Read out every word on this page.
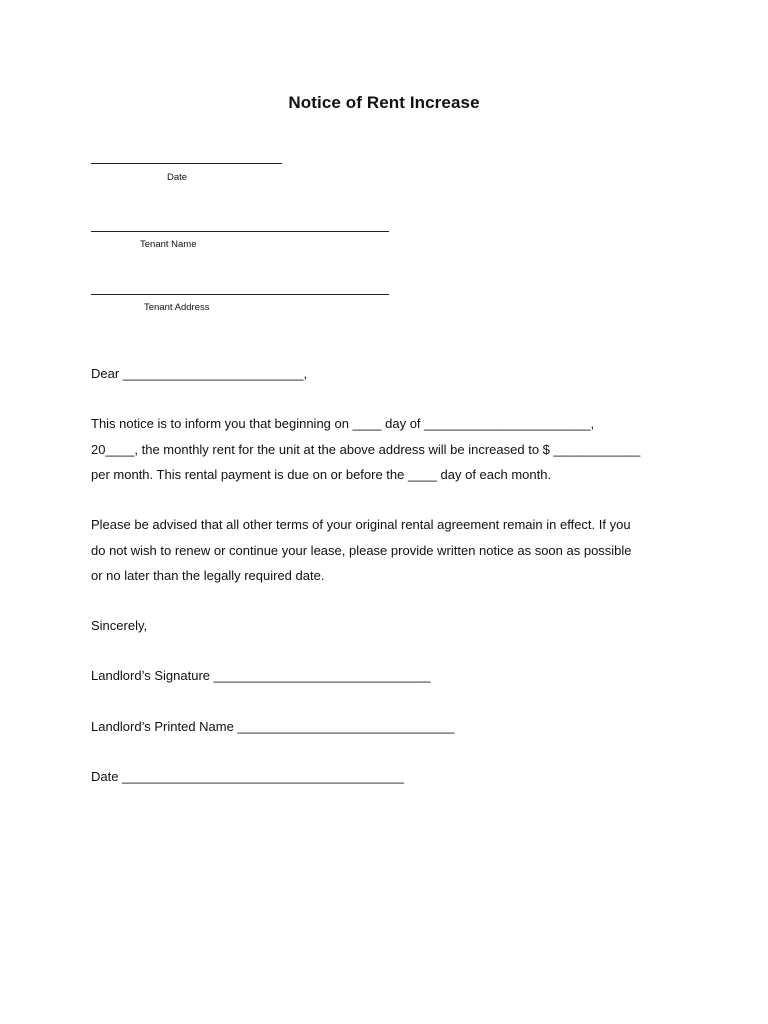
Notice of Rent Increase
Date
Tenant Name
Tenant Address
Dear _________________________,
This notice is to inform you that beginning on ____ day of _______________________,
20____, the monthly rent for the unit at the above address will be increased to $ ____________
per month. This rental payment is due on or before the ____ day of each month.
Please be advised that all other terms of your original rental agreement remain in effect. If you
do not wish to renew or continue your lease, please provide written notice as soon as possible
or no later than the legally required date.
Sincerely,
Landlord’s Signature ______________________________
Landlord’s Printed Name ______________________________
Date _______________________________________
